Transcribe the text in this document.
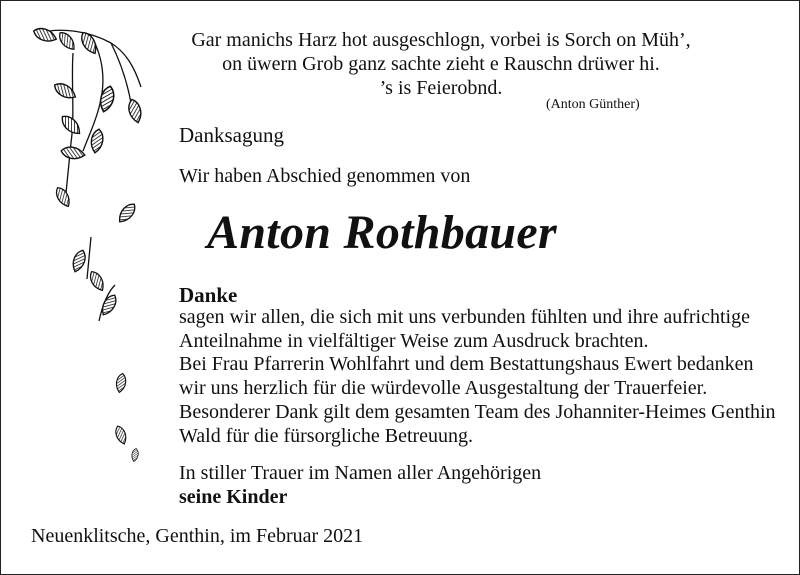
Gar manichs Harz hot ausgeschlogn, vorbei is Sorch on Müh’,
on üwern Grob ganz sachte zieht e Rauschn drüwer hi.
’s is Feierobnd.
(Anton Günther)
Danksagung
Wir haben Abschied genommen von
Anton Rothbauer
Danke
sagen wir allen, die sich mit uns verbunden fühlten und ihre aufrichtige
Anteilnahme in vielfältiger Weise zum Ausdruck brachten.
Bei Frau Pfarrerin Wohlfahrt und dem Bestattungshaus Ewert bedanken
wir uns herzlich für die würdevolle Ausgestaltung der Trauerfeier.
Besonderer Dank gilt dem gesamten Team des Johanniter-Heimes Genthin
Wald für die fürsorgliche Betreuung.
In stiller Trauer im Namen aller Angehörigen
seine Kinder
Neuenklitsche, Genthin, im Februar 2021
